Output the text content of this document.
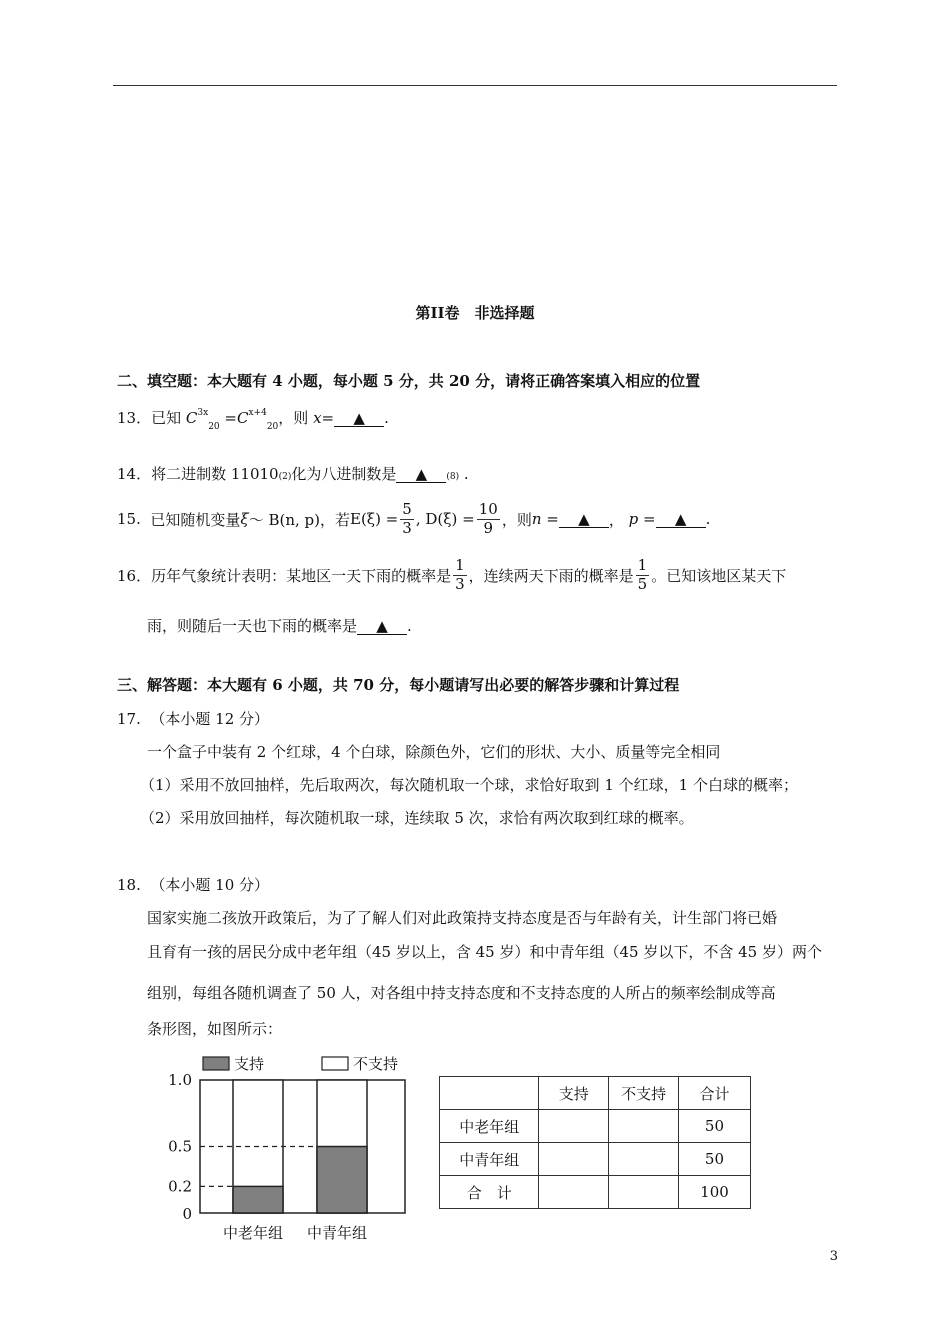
第II卷　非选择题
二、填空题：本大题有 4 小题，每小题 5 分，共 20 分，请将正确答案填入相应的位置
13．已知 $C^{3x}_{20} =C^{x+4}_{20}$，则 x= ▲ .
14．将二进制数 11010(2)化为八进制数是 ▲ (8) .
15.
已知随机变量 ξ ～ B(n, p) ，若 $E(\xi) = \frac{5}{3}$ ,
$D(\xi) = \frac{10}{9}$ ，则 n
=	▲	，
p
=	▲	.
16． 历年气象统计表明：某地区一天下雨的概率是 $\frac{1}{3}$ ，连续两天下雨的概率是 $\frac{1}{5}$ 。已知该地区某天下
雨，则随后一天也下雨的概率是 ▲ .
三、解答题：本大题有 6 小题，共 70 分，每小题请写出必要的解答步骤和计算过程
17. （本小题 12 分）
一个盒子中装有 2 个红球，4 个白球，除颜色外，它们的形状、大小、质量等完全相同
（1）采用不放回抽样，先后取两次，每次随机取一个球，求恰好取到 1 个红球，1 个白球的概率；
（2）采用放回抽样，每次随机取一球，连续取 5 次，求恰有两次取到红球的概率。
18. （本小题 10 分）
国家实施二孩放开政策后，为了了解人们对此政策持支持态度是否与年龄有关，计生部门将已婚
且育有一孩的居民分成中老年组（45 岁以上，含 45 岁）和中青年组（45 岁以下，不含 45 岁）两个
组别，每组各随机调查了 50 人，对各组中持支持态度和不支持态度的人所占的频率绘制成等高
条形图，如图所示：
0
0.2
0.5
1.0
中老年组 中青年组
支持	不支持
	支持	不支持	合计
中老年组			50
中青年组			50
合　计			100
3
